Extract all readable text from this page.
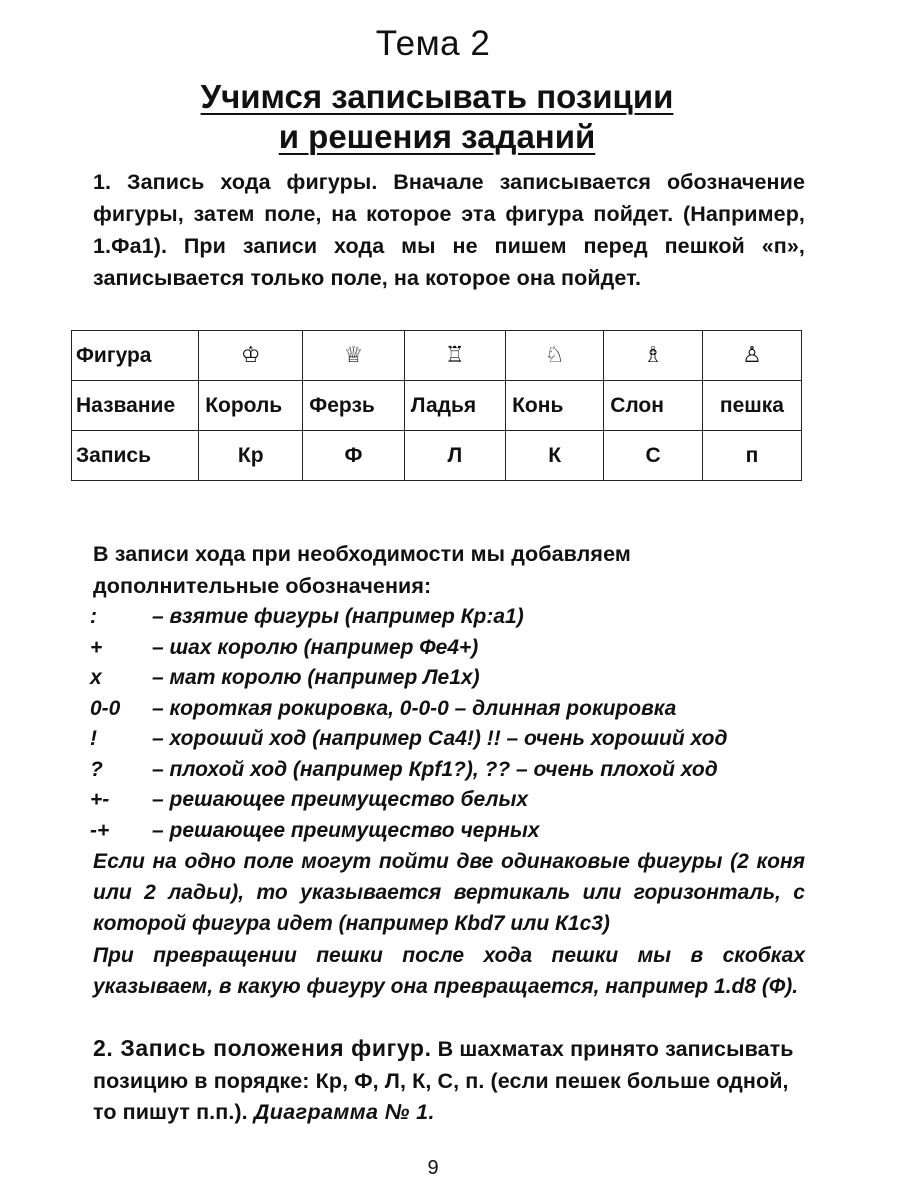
Тема 2
Учимся записывать позиции
и решения заданий
1. Запись хода фигуры. Вначале записывается обозначение фигуры, затем поле, на которое эта фигура пойдет. (Например, 1.Фа1). При записи хода мы не пишем перед пешкой «п», записывается только поле, на которое она пойдет.
Фигура	♔	♕	♖	♘	♗	♙
Название	Король	Ферзь	Ладья	Конь	Слон	пешка
Запись	Кр	Ф	Л	К	С	п
В записи хода при необходимости мы добавляем дополнительные обозначения:
:	– взятие фигуры (например Кр:а1)
+	– шах королю (например Фе4+)
х	– мат королю (например Ле1х)
0-0	– короткая рокировка, 0-0-0 – длинная рокировка
!	– хороший ход (например Са4!) !! – очень хороший ход
?	– плохой ход (например Крf1?), ?? – очень плохой ход
+-	– решающее преимущество белых
-+	– решающее преимущество черных
Если на одно поле могут пойти две одинаковые фигуры (2 коня или 2 ладьи), то указывается вертикаль или горизонталь, с которой фигура идет (например Кbd7 или К1с3)
При превращении пешки после хода пешки мы в скобках указываем, в какую фигуру она превращается, например 1.d8 (Ф).
2. Запись положения фигур. В шахматах принято записывать позицию в порядке: Кр, Ф, Л, К, С, п. (если пешек больше одной, то пишут п.п.). Диаграмма № 1.
9
